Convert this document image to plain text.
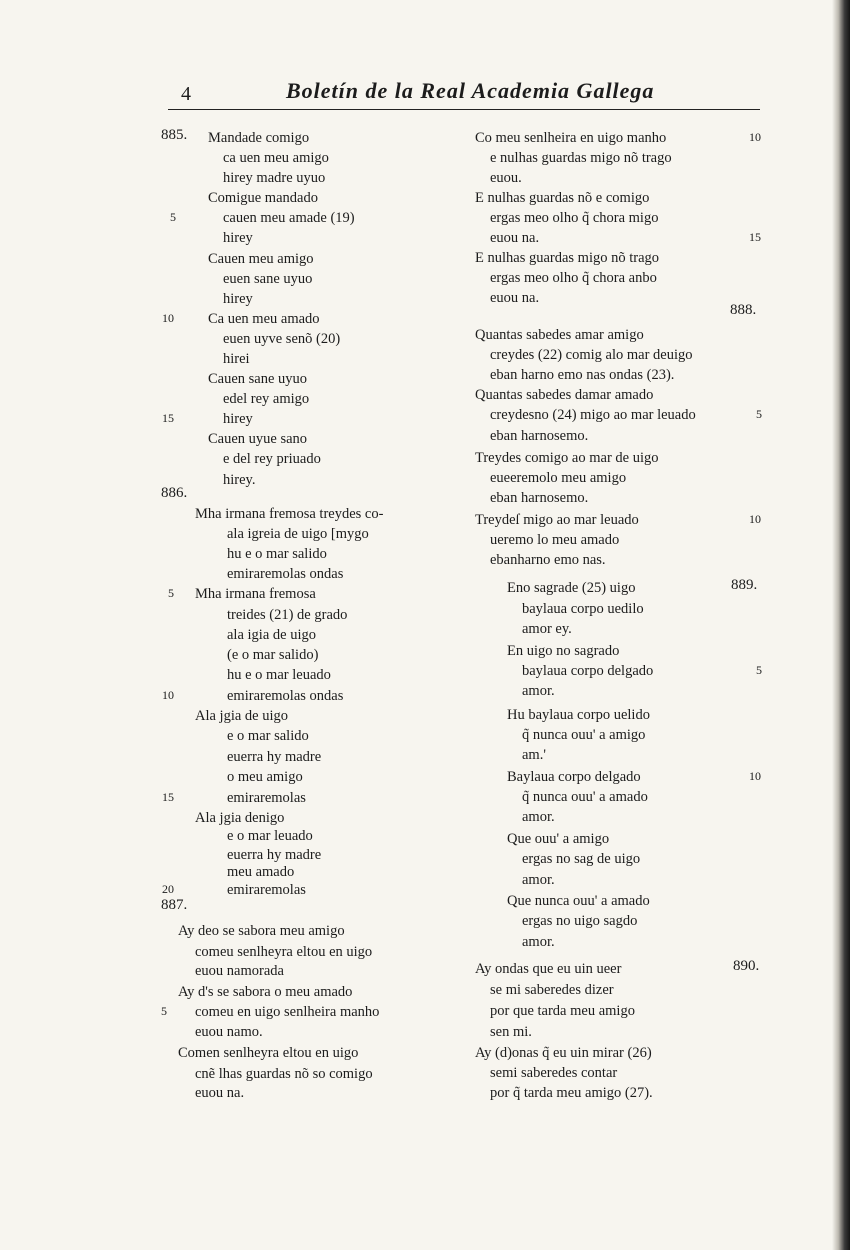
4	Boletín de la Real Academia Gallega
Mandade comigo
885.
ca uen meu amigo
hirey madre uyuo
Comigue mandado
cauen meu amade (19)
5
hirey
Cauen meu amigo
euen sane uyuo
hirey
Ca uen meu amado
10
euen uyve senõ (20)
hirei
Cauen sane uyuo
edel rey amigo
hirey
15
Cauen uyue sano
e del rey priuado
hirey.
886.
Mha irmana fremosa treydes co-
ala igreia de uigo [mygo
hu e o mar salido
emiraremolas ondas
Mha irmana fremosa
5
treides (21) de grado
ala igia de uigo
(e o mar salido)
hu e o mar leuado
emiraremolas ondas
10
Ala jgia de uigo
e o mar salido
euerra hy madre
o meu amigo
emiraremolas
15
Ala jgia denigo
e o mar leuado
euerra hy madre
meu amado
emiraremolas
20
887.
Ay deo se sabora meu amigo
comeu senlheyra eltou en uigo
euou namorada
Ay d's se sabora o meu amado
comeu en uigo senlheira manho
5
euou namo.
Comen senlheyra eltou en uigo
cnẽ lhas guardas nõ so comigo
euou na.
Co meu senlheira en uigo manho	10
e nulhas guardas migo nõ trago
euou.
E nulhas guardas nõ e comigo
ergas meo olho q̃ chora migo
euou na.	15
E nulhas guardas migo nõ trago
ergas meo olho q̃ chora anbo
euou na.
888.
Quantas sabedes amar amigo
creydes (22) comig alo mar deuigo
eban harno emo nas ondas (23).
Quantas sabedes damar amado
creydesno (24) migo ao mar leuado	5
eban harnosemo.
Treydes comigo ao mar de uigo
eueeremolo meu amigo
eban harnosemo.
Treydeſ migo ao mar leuado	10
ueremo lo meu amado
ebanharno emo nas.
Eno sagrade (25) uigo	889.
baylaua corpo uedilo
amor ey.
En uigo no sagrado
baylaua corpo delgado	5
amor.
Hu baylaua corpo uelido
q̃ nunca ouu' a amigo
am.'
Baylaua corpo delgado	10
q̃ nunca ouu' a amado
amor.
Que ouu' a amigo
ergas no sag de uigo
amor.
Que nunca ouu' a amado
ergas no uigo sagdo
amor.
Ay ondas que eu uin ueer	890.
se mi saberedes dizer
por que tarda meu amigo
sen mi.
Ay (d)onas q̃ eu uin mirar (26)
semi saberedes contar
por q̃ tarda meu amigo (27).
